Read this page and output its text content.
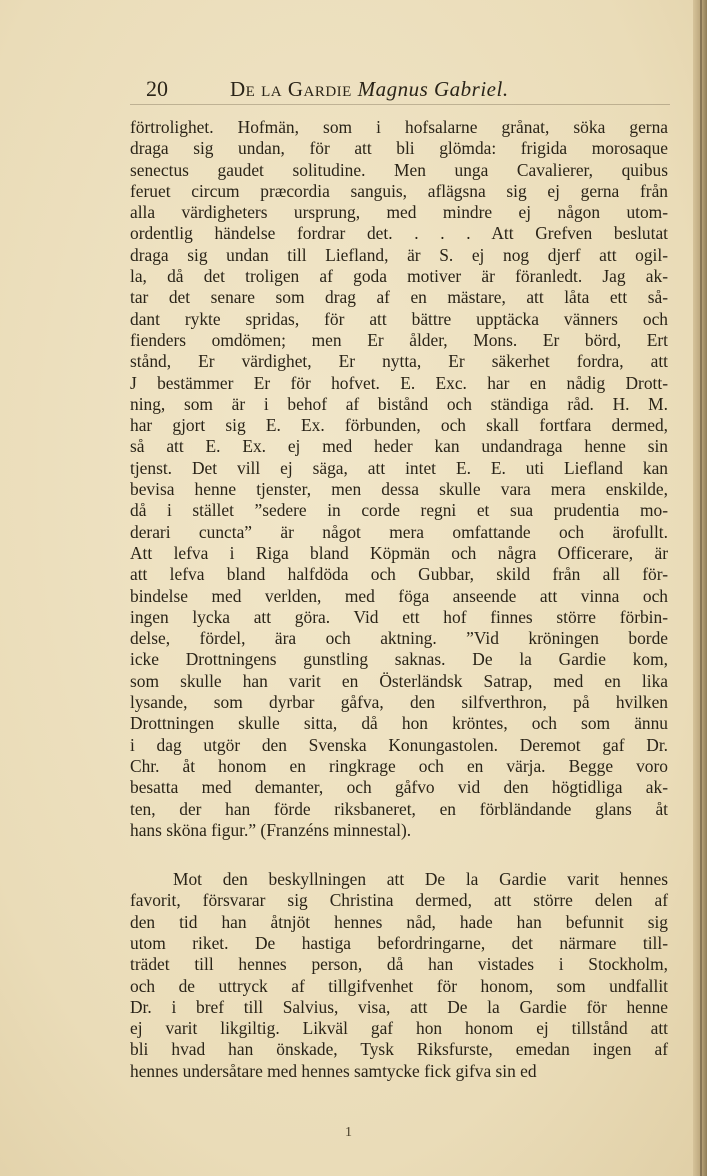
20	De la Gardie Magnus Gabriel.
förtrolighet. Hofmän, som i hofsalarne grånat, söka gerna
draga sig undan, för att bli glömda: frigida morosaque
senectus gaudet solitudine. Men unga Cavalierer, quibus
feruet circum præcordia sanguis, aflägsna sig ej gerna från
alla värdigheters ursprung, med mindre ej någon utom-
ordentlig händelse fordrar det. . . . Att Grefven beslutat
draga sig undan till Liefland, är S. ej nog djerf att ogil-
la, då det troligen af goda motiver är föranledt. Jag ak-
tar det senare som drag af en mästare, att låta ett så-
dant rykte spridas, för att bättre upptäcka vänners och
fienders omdömen; men Er ålder, Mons. Er börd, Ert
stånd, Er värdighet, Er nytta, Er säkerhet fordra, att
J bestämmer Er för hofvet. E. Exc. har en nådig Drott-
ning, som är i behof af bistånd och ständiga råd. H. M.
har gjort sig E. Ex. förbunden, och skall fortfara dermed,
så att E. Ex. ej med heder kan undandraga henne sin
tjenst. Det vill ej säga, att intet E. E. uti Liefland kan
bevisa henne tjenster, men dessa skulle vara mera enskilde,
då i stället ”sedere in corde regni et sua prudentia mo-
derari cuncta” är något mera omfattande och ärofullt.
Att lefva i Riga bland Köpmän och några Officerare, är
att lefva bland halfdöda och Gubbar, skild från all för-
bindelse med verlden, med föga anseende att vinna och
ingen lycka att göra. Vid ett hof finnes större förbin-
delse, fördel, ära och aktning. ”Vid kröningen borde
icke Drottningens gunstling saknas. De la Gardie kom,
som skulle han varit en Österländsk Satrap, med en lika
lysande, som dyrbar gåfva, den silfverthron, på hvilken
Drottningen skulle sitta, då hon kröntes, och som ännu
i dag utgör den Svenska Konungastolen. Deremot gaf Dr.
Chr. åt honom en ringkrage och en värja. Begge voro
besatta med demanter, och gåfvo vid den högtidliga ak-
ten, der han förde riksbaneret, en förbländande glans åt
hans sköna figur.” (Franzéns minnestal).
Mot den beskyllningen att De la Gardie varit hennes
favorit, försvarar sig Christina dermed, att större delen af
den tid han åtnjöt hennes nåd, hade han befunnit sig
utom riket. De hastiga befordringarne, det närmare till-
trädet till hennes person, då han vistades i Stockholm,
och de uttryck af tillgifvenhet för honom, som undfallit
Dr. i bref till Salvius, visa, att De la Gardie för henne
ej varit likgiltig. Likväl gaf hon honom ej tillstånd att
bli hvad han önskade, Tysk Riksfurste, emedan ingen af
hennes undersåtare med hennes samtycke fick gifva sin ed
1
